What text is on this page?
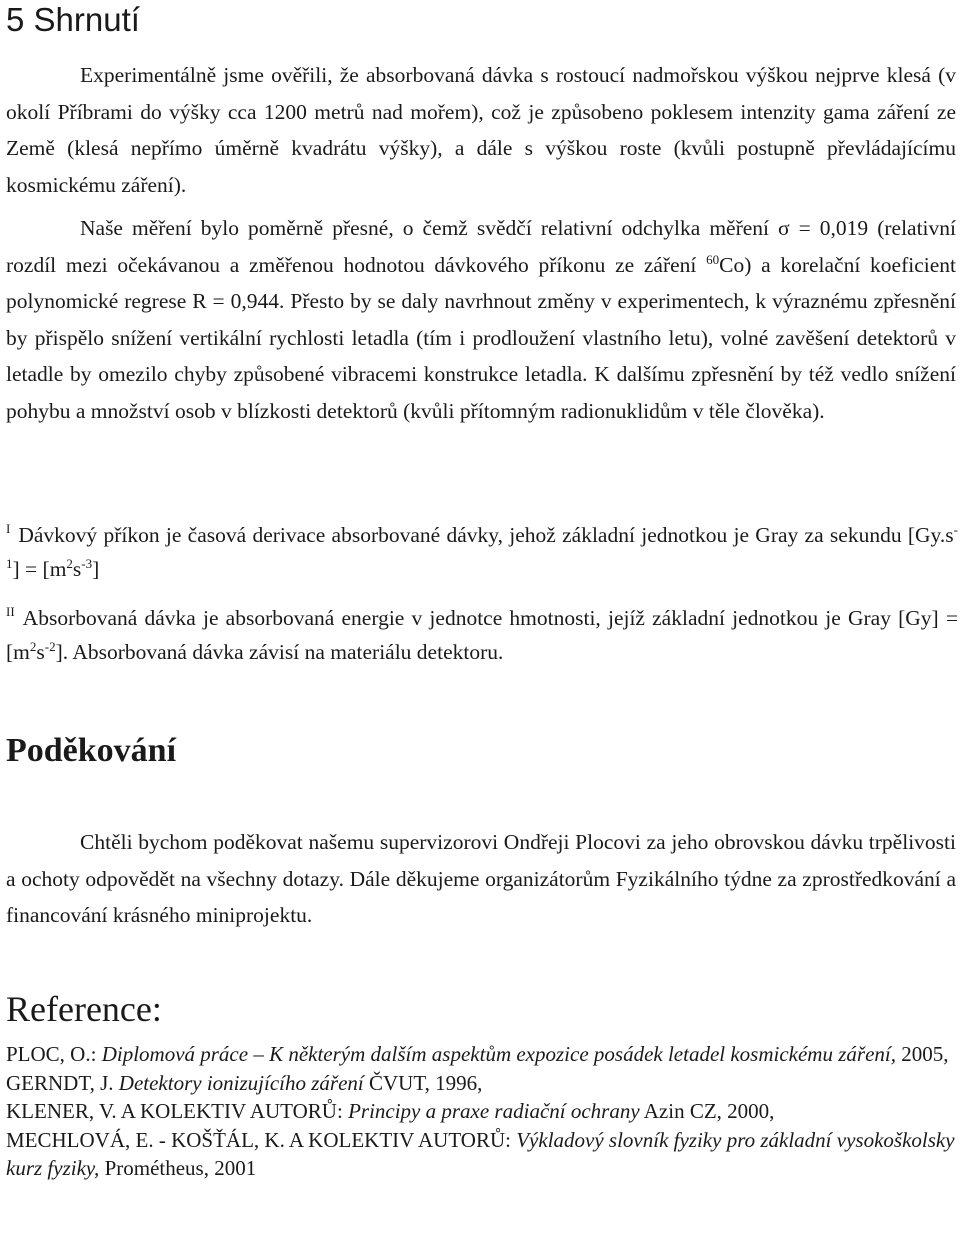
5 Shrnutí

Experimentálně jsme ověřili, že absorbovaná dávka s rostoucí nadmořskou výškou nejprve klesá (v okolí Příbrami do výšky cca 1200 metrů nad mořem), což je způsobeno poklesem intenzity gama záření ze Země (klesá nepřímo úměrně kvadrátu výšky), a dále s výškou roste (kvůli postupně převládajícímu kosmickému záření).

Naše měření bylo poměrně přesné, o čemž svědčí relativní odchylka měření σ = 0,019 (relativní rozdíl mezi očekávanou a změřenou hodnotou dávkového příkonu ze záření $^{60}$Co) a korelační koeficient polynomické regrese R = 0,944. Přesto by se daly navrhnout změny v experimentech, k výraznému zpřesnění by přispělo snížení vertikální rychlosti letadla (tím i prodloužení vlastního letu), volné zavěšení detektorů v letadle by omezilo chyby způsobené vibracemi konstrukce letadla. K dalšímu zpřesnění by též vedlo snížení pohybu a množství osob v blízkosti detektorů (kvůli přítomným radionuklidům v těle člověka).

$^I$ Dávkový příkon je časová derivace absorbované dávky, jehož základní jednotkou je Gray za sekundu $[Gy.s^{-1}] = [m^2s^{-3}]$

$^{II}$ Absorbovaná dávka je absorbovaná energie v jednotce hmotnosti, jejíž základní jednotkou je Gray $[Gy] = [m^2s^{-2}]$. Absorbovaná dávka závisí na materiálu detektoru.

Poděkování

Chtěli bychom poděkovat našemu supervizorovi Ondřeji Plocovi za jeho obrovskou dávku trpělivosti a ochoty odpovědět na všechny dotazy. Dále děkujeme organizátorům Fyzikálního týdne za zprostředkování a financování krásného miniprojektu.

Reference:

PLOC, O.: Diplomová práce – K některým dalším aspektům expozice posádek letadel kosmickému záření, 2005,

GERNDT, J. Detektory ionizujícího záření ČVUT, 1996,

KLENER, V. A KOLEKTIV AUTORŮ: Principy a praxe radiační ochrany Azin CZ, 2000,

MECHLOVÁ, E. - KOŠŤÁL, K. A KOLEKTIV AUTORŮ: Výkladový slovník fyziky pro základní vysokoškolsky kurz fyziky, Prométheus, 2001
